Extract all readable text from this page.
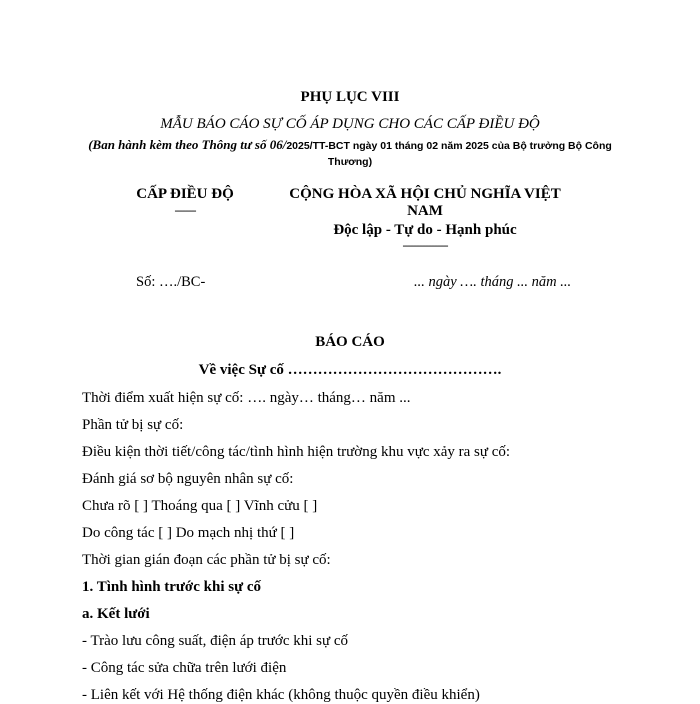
PHỤ LỤC VIII
MẪU BÁO CÁO SỰ CỐ ÁP DỤNG CHO CÁC CẤP ĐIỀU ĐỘ
(Ban hành kèm theo Thông tư số 06/2025/TT-BCT ngày 01 tháng 02 năm 2025 của Bộ trưởng Bộ Công Thương)
CẤP ĐIỀU ĐỘ
-------
CỘNG HÒA XÃ HỘI CHỦ NGHĨA VIỆT NAM
Độc lập - Tự do - Hạnh phúc
---------------
Số: …./BC-	... ngày …. tháng ... năm ...
BÁO CÁO
Về việc Sự cố …………………………………….
Thời điểm xuất hiện sự cố: …. ngày… tháng… năm ...
Phần tử bị sự cố:
Điều kiện thời tiết/công tác/tình hình hiện trường khu vực xảy ra sự cố:
Đánh giá sơ bộ nguyên nhân sự cố:
Chưa rõ [ ] Thoáng qua [ ] Vĩnh cửu [ ]
Do công tác [ ] Do mạch nhị thứ [ ]
Thời gian gián đoạn các phần tử bị sự cố:
1. Tình hình trước khi sự cố
a. Kết lưới
- Trào lưu công suất, điện áp trước khi sự cố
- Công tác sửa chữa trên lưới điện
- Liên kết với Hệ thống điện khác (không thuộc quyền điều khiển)
